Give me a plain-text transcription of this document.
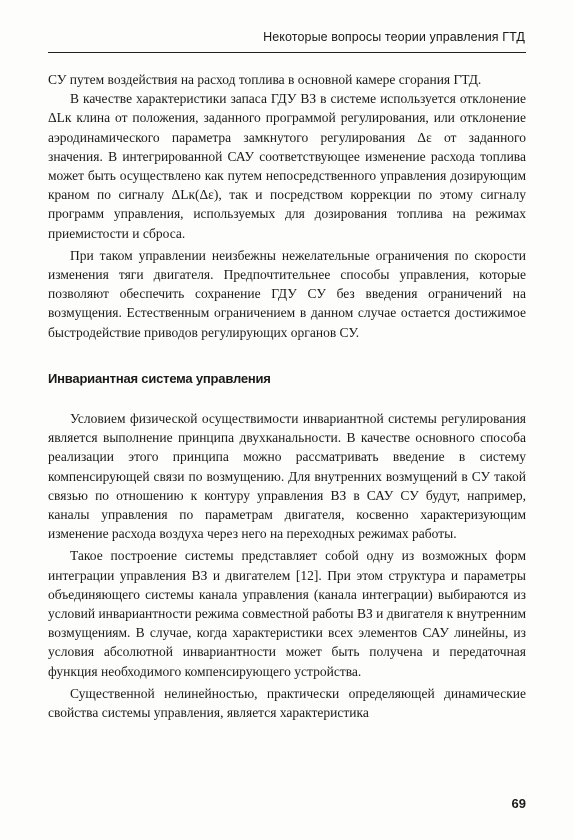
Некоторые вопросы теории управления ГТД

СУ путем воздействия на расход топлива в основной камере сгорания ГТД.

В качестве характеристики запаса ГДУ ВЗ в системе используется отклонение ΔLк клина от положения, заданного программой регулирования, или отклонение аэродинамического параметра замкнутого регулирования Δε от заданного значения. В интегрированной САУ соответствующее изменение расхода топлива может быть осуществлено как путем непосредственного управления дозирующим краном по сигналу ΔLк(Δε), так и посредством коррекции по этому сигналу программ управления, используемых для дозирования топлива на режимах приемистости и сброса.

При таком управлении неизбежны нежелательные ограничения по скорости изменения тяги двигателя. Предпочтительнее способы управления, которые позволяют обеспечить сохранение ГДУ СУ без введения ограничений на возмущения. Естественным ограничением в данном случае остается достижимое быстродействие приводов регулирующих органов СУ.

Инвариантная система управления

Условием физической осуществимости инвариантной системы регулирования является выполнение принципа двухканальности. В качестве основного способа реализации этого принципа можно рассматривать введение в систему компенсирующей связи по возмущению. Для внутренних возмущений в СУ такой связью по отношению к контуру управления ВЗ в САУ СУ будут, например, каналы управления по параметрам двигателя, косвенно характеризующим изменение расхода воздуха через него на переходных режимах работы.

Такое построение системы представляет собой одну из возможных форм интеграции управления ВЗ и двигателем [12]. При этом структура и параметры объединяющего системы канала управления (канала интеграции) выбираются из условий инвариантности режима совместной работы ВЗ и двигателя к внутренним возмущениям. В случае, когда характеристики всех элементов САУ линейны, из условия абсолютной инвариантности может быть получена и передаточная функция необходимого компенсирующего устройства.

Существенной нелинейностью, практически определяющей динамические свойства системы управления, является характеристика

69
